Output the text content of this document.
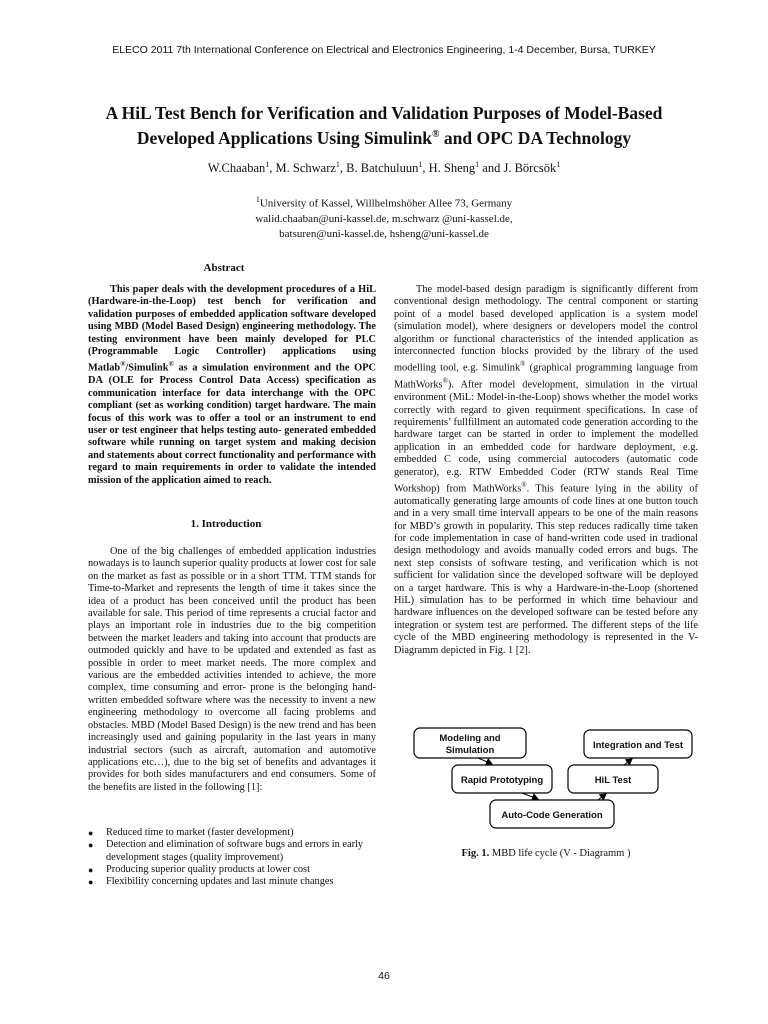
ELECO 2011 7th International Conference on Electrical and Electronics Engineering, 1-4 December, Bursa, TURKEY
A HiL Test Bench for Verification and Validation Purposes of Model-Based
Developed Applications Using Simulink® and OPC DA Technology
W.Chaaban$^1$, M. Schwarz$^1$, B. Batchuluun$^1$, H. Sheng$^1$ and J. Börcsök$^1$
$^1$University of Kassel, Willhelmshöher Allee 73, Germany
walid.chaaban@uni-kassel.de, m.schwarz @uni-kassel.de,
batsuren@uni-kassel.de, hsheng@uni-kassel.de
Abstract

This paper deals with the development procedures of a HiL (Hardware-in-the-Loop) test bench for verification and validation purposes of embedded application software developed using MBD (Model Based Design) engineering methodology. The testing environment have been mainly developed for PLC (Programmable Logic Controller) applications using Matlab®/Simulink® as a simulation environment and the OPC DA (OLE for Process Control Data Access) specification as communication interface for data interchange with the OPC compliant (set as working condition) target hardware. The main focus of this work was to offer a tool or an instrument to end user or test engineer that helps testing auto- generated embedded software while running on target system and making decision and statements about correct functionality and performance with regard to main requirements in order to validate the intended mission of the application aimed to reach.

1. Introduction

One of the big challenges of embedded application industries nowadays is to launch superior quality products at lower cost for sale on the market as fast as possible or in a short TTM. TTM stands for Time-to-Market and represents the length of time it takes since the idea of a product has been conceived until the product has been available for sale. This period of time represents a crucial factor and plays an important role in industries due to the big competition between the market leaders and taking into account that products are outmoded quickly and have to be updated and extended as fast as possible in order to meet market needs. The more complex and various are the embedded activities intended to achieve, the more complex, time consuming and error- prone is the belonging hand-written embedded software where was the necessity to invent a new engineering methodology to overcome all facing problems and obstacles. MBD (Model Based Design) is the new trend and has been increasingly used and gaining popularity in the last years in many industrial sectors (such as aircraft, automation and automotive applications etc…), due to the big set of benefits and advantages it provides for both sides manufacturers and end consumers. Some of the benefits are listed in the following [1]:

● Reduced time to market (faster development)
● Detection and elimination of software bugs and errors in early development stages (quality improvement)
● Producing superior quality products at lower cost
● Flexibility concerning updates and last minute changes

The model-based design paradigm is significantly different from conventional design methodology. The central component or starting point of a model based developed application is a system model (simulation model), where designers or developers model the control algorithm or functional characteristics of the intended application as interconnected function blocks provided by the library of the used modelling tool, e.g. Simulink® (graphical programming language from MathWorks®). After model development, simulation in the virtual environment (MiL: Model-in-the-Loop) shows whether the model works correctly with regard to given requirment specifications. In case of requirements’ fullfillment an automated code generation according to the hardware target can be started in order to implement the modelled application in an embedded code for hardware deployment, e.g. embedded C code, using commercial autocoders (automatic code generator), e.g. RTW Embedded Coder (RTW stands Real Time Workshop) from MathWorks®. This feature lying in the ability of automatically generating large amounts of code lines at one button touch and in a very small time intervall appears to be one of the main reasons for MBD’s growth in popularity. This step reduces radically time taken for code implementation in case of hand-written code used in tradional design methodology and avoids manually coded errors and bugs. The next step consists of software testing, and verification which is not sufficient for validation since the developed software will be deployed on a target hardware. This is why a Hardware-in-the-Loop (shortened HiL) simulation has to be performed in which time behaviour and hardware influences on the developed software can be tested before any integration or system test are performed. The different steps of the life cycle of the MBD engineering methodology is represented in the V- Diagramm depicted in Fig. 1 [2].

Modeling and
Simulation
Rapid Prototyping
Auto-Code Generation
HiL Test
Integration and Test
Fig. 1. MBD life cycle (V - Diagramm )
46
